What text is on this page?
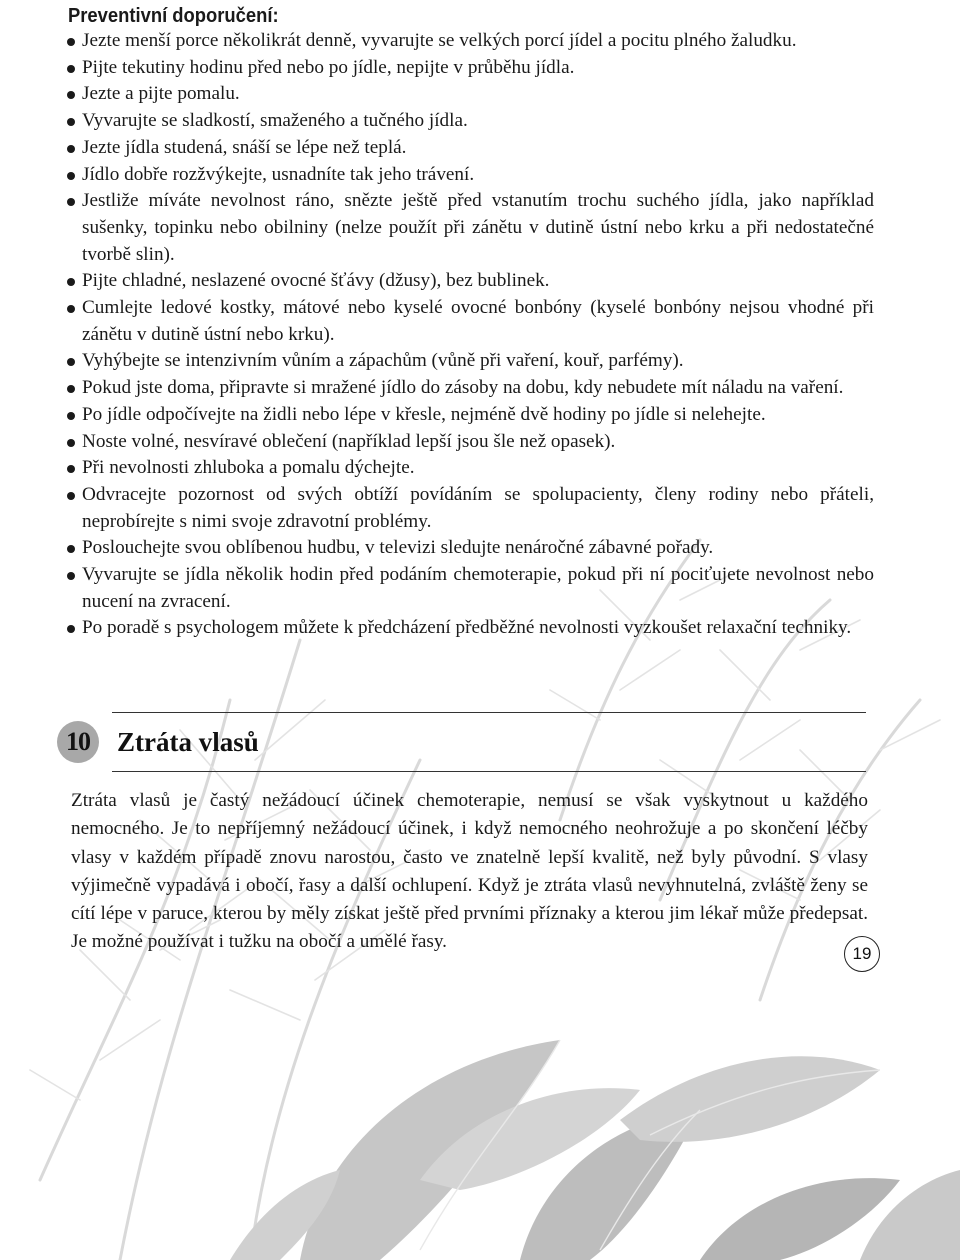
Preventivní doporučení:
Jezte menší porce několikrát denně, vyvarujte se velkých porcí jídel a pocitu plného žaludku.
Pijte tekutiny hodinu před nebo po jídle, nepijte v průběhu jídla.
Jezte a pijte pomalu.
Vyvarujte se sladkostí, smaženého a tučného jídla.
Jezte jídla studená, snáší se lépe než teplá.
Jídlo dobře rozžvýkejte, usnadníte tak jeho trávení.
Jestliže míváte nevolnost ráno, snězte ještě před vstanutím trochu suchého jídla, jako například sušenky, topinku nebo obilniny (nelze použít při zánětu v dutině ústní nebo krku a při nedostatečné tvorbě slin).
Pijte chladné, neslazené ovocné šťávy (džusy), bez bublinek.
Cumlejte ledové kostky, mátové nebo kyselé ovocné bonbóny (kyselé bonbóny nejsou vhodné při zánětu v dutině ústní nebo krku).
Vyhýbejte se intenzivním vůním a zápachům (vůně při vaření, kouř, parfémy).
Pokud jste doma, připravte si mražené jídlo do zásoby na dobu, kdy nebudete mít náladu na vaření.
Po jídle odpočívejte na židli nebo lépe v křesle, nejméně dvě hodiny po jídle si nelehejte.
Noste volné, nesvíravé oblečení (například lepší jsou šle než opasek).
Při nevolnosti zhluboka a pomalu dýchejte.
Odvracejte pozornost od svých obtíží povídáním se spolupacienty, členy rodiny nebo přáteli, neprobírejte s nimi svoje zdravotní problémy.
Poslouchejte svou oblíbenou hudbu, v televizi sledujte nenáročné zábavné pořady.
Vyvarujte se jídla několik hodin před podáním chemoterapie, pokud při ní pociťujete nevolnost nebo nucení na zvracení.
Po poradě s psychologem můžete k předcházení předběžné nevolnosti vyzkoušet relaxační techniky.
10	Ztráta vlasů

Ztráta vlasů je častý nežádoucí účinek chemoterapie, nemusí se však vyskytnout u každého nemocného. Je to nepříjemný nežádoucí účinek, i když nemocného neohrožuje a po skončení léčby vlasy v každém případě znovu narostou, často ve znatelně lepší kvalitě, než byly původní. S vlasy výjimečně vypadává i obočí, řasy a další ochlupení. Když je ztráta vlasů nevyhnutelná, zvláště ženy se cítí lépe v paruce, kterou by měly získat ještě před prvními příznaky a kterou jim lékař může předepsat. Je možné používat i tužku na obočí a umělé řasy.

19
